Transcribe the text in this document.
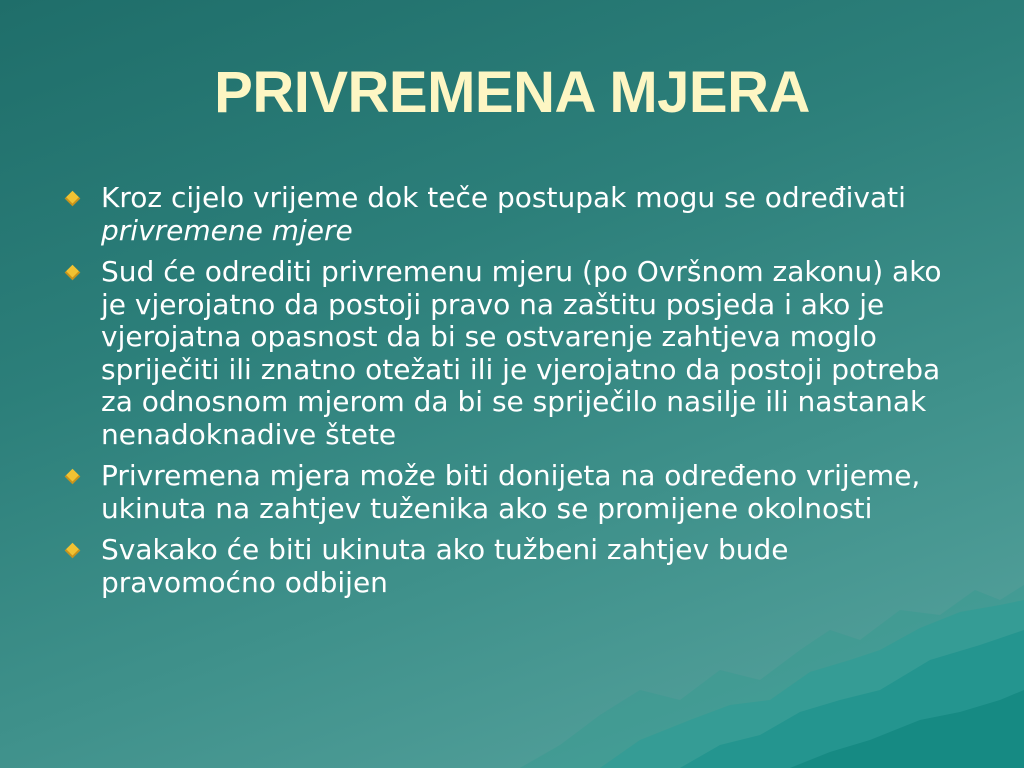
PRIVREMENA MJERA
Kroz cijelo vrijeme dok teče postupak mogu se određivati privremene mjere
Sud će odrediti privremenu mjeru (po Ovršnom zakonu) ako je vjerojatno da postoji pravo na zaštitu posjeda i ako je vjerojatna opasnost da bi se ostvarenje zahtjeva moglo spriječiti ili znatno otežati ili je vjerojatno da postoji potreba za odnosnom mjerom da bi se spriječilo nasilje ili nastanak nenadoknadive štete
Privremena mjera može biti donijeta na određeno vrijeme, ukinuta na zahtjev tuženika ako se promijene okolnosti
Svakako će biti ukinuta ako tužbeni zahtjev bude pravomoćno odbijen
